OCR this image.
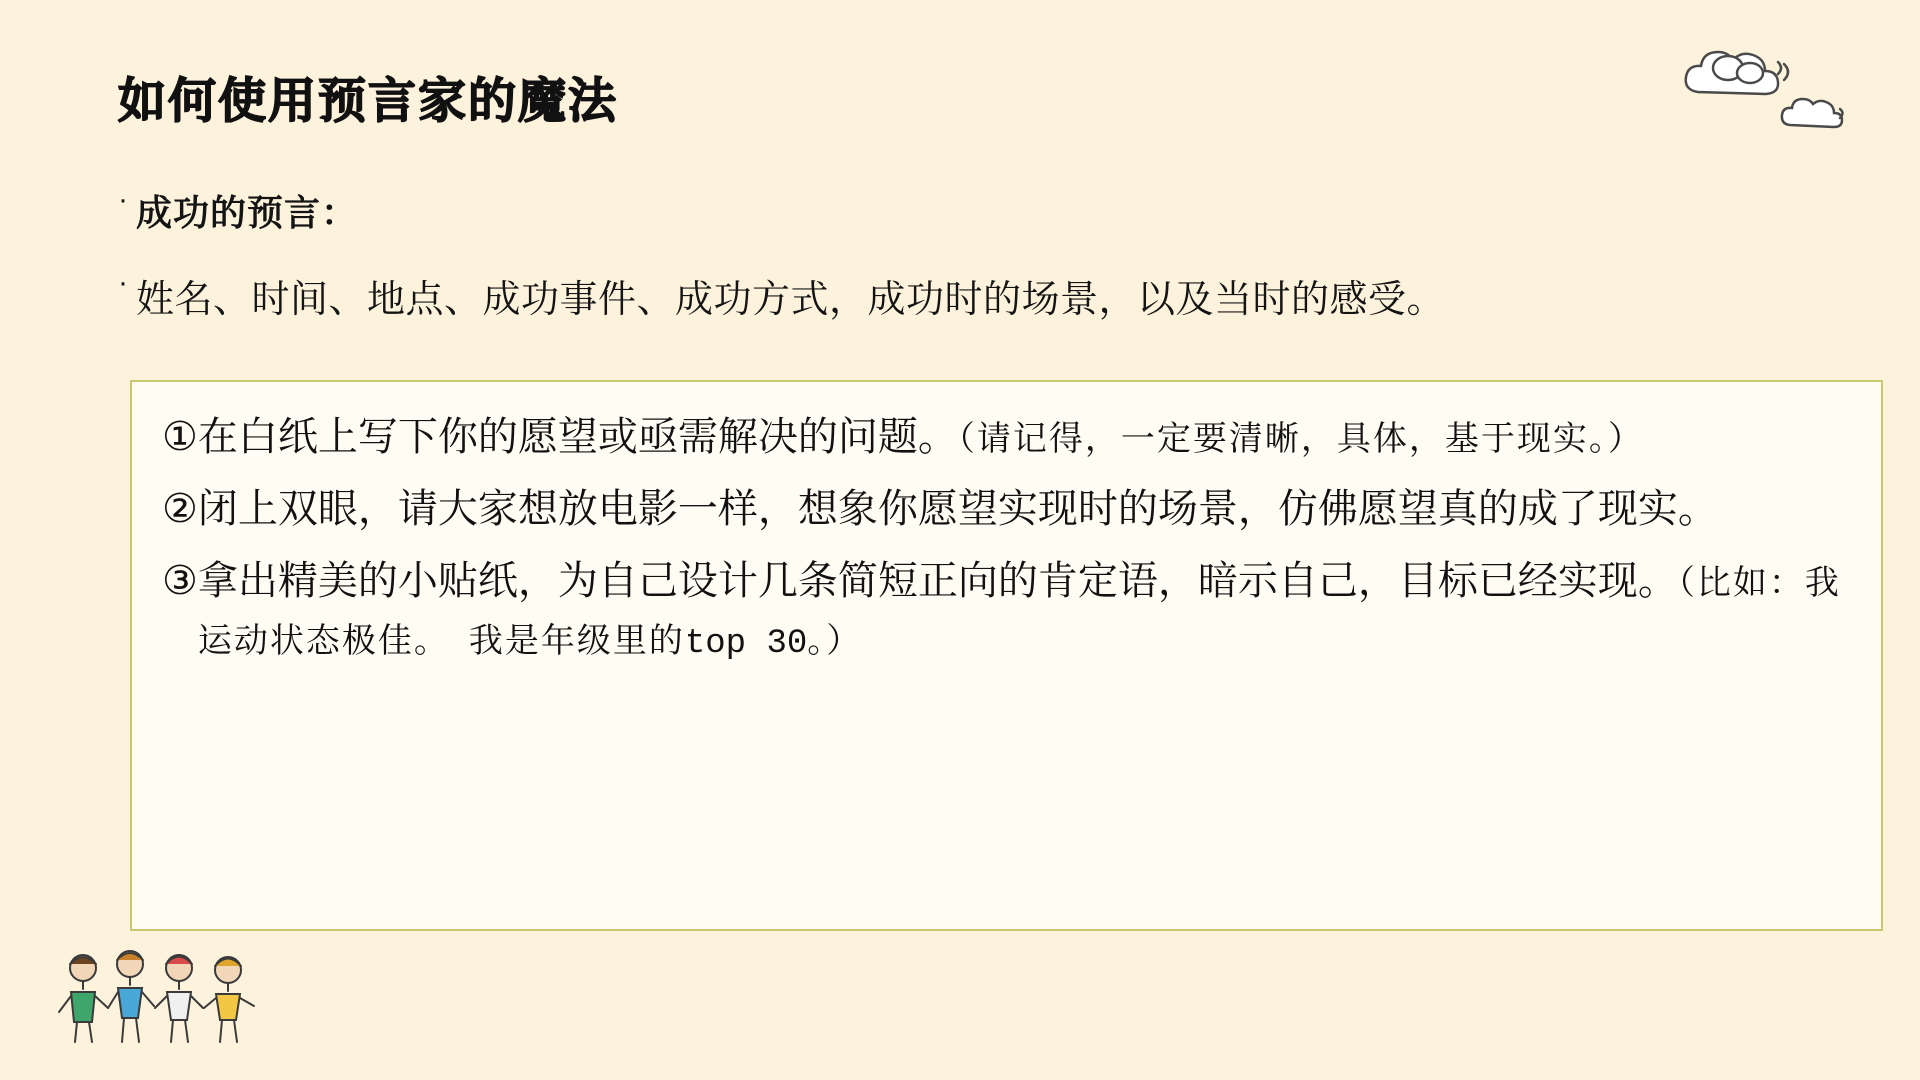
如何使用预言家的魔法
· 成功的预言：
· 姓名、时间、地点、成功事件、成功方式，成功时的场景，以及当时的感受。
① 在白纸上写下你的愿望或亟需解决的问题。（请记得，一定要清晰，具体，基于现实。）
② 闭上双眼，请大家想放电影一样，想象你愿望实现时的场景，仿佛愿望真的成了现实。
③ 拿出精美的小贴纸，为自己设计几条简短正向的肯定语，暗示自己，目标已经实现。（比如：我运动状态极佳。　我是年级里的top 30。）
